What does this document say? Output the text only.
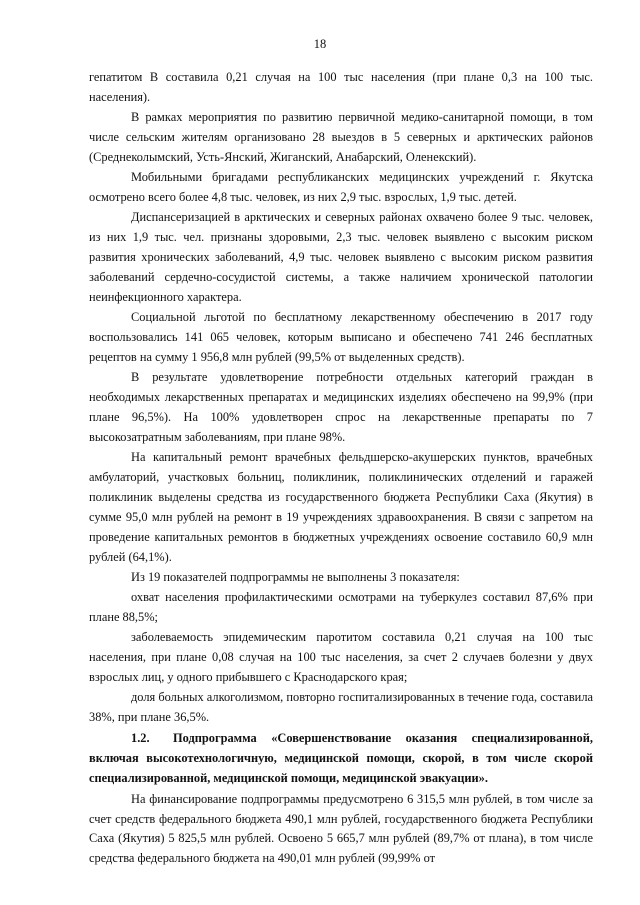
18

гепатитом В составила 0,21 случая на 100 тыс населения (при плане 0,3 на 100 тыс. населения).

В рамках мероприятия по развитию первичной медико-санитарной помощи, в том числе сельским жителям организовано 28 выездов в 5 северных и арктических районов (Среднеколымский, Усть-Янский, Жиганский, Анабарский, Оленекский).

Мобильными бригадами республиканских медицинских учреждений г. Якутска осмотрено всего более 4,8 тыс. человек, из них 2,9 тыс. взрослых, 1,9 тыс. детей.

Диспансеризацией в арктических и северных районах охвачено более 9 тыс. человек, из них 1,9 тыс. чел. признаны здоровыми, 2,3 тыс. человек выявлено с высоким риском развития хронических заболеваний, 4,9 тыс. человек выявлено с высоким риском развития заболеваний сердечно-сосудистой системы, а также наличием хронической патологии неинфекционного характера.

Социальной льготой по бесплатному лекарственному обеспечению в 2017 году воспользовались 141 065 человек, которым выписано и обеспечено 741 246 бесплатных рецептов на сумму 1 956,8 млн рублей (99,5% от выделенных средств).

В результате удовлетворение потребности отдельных категорий граждан в необходимых лекарственных препаратах и медицинских изделиях обеспечено на 99,9% (при плане 96,5%). На 100% удовлетворен спрос на лекарственные препараты по 7 высокозатратным заболеваниям, при плане 98%.

На капитальный ремонт врачебных фельдшерско-акушерских пунктов, врачебных амбулаторий, участковых больниц, поликлиник, поликлинических отделений и гаражей поликлиник выделены средства из государственного бюджета Республики Саха (Якутия) в сумме 95,0 млн рублей на ремонт в 19 учреждениях здравоохранения. В связи с запретом на проведение капитальных ремонтов в бюджетных учреждениях освоение составило 60,9 млн рублей (64,1%).

Из 19 показателей подпрограммы не выполнены 3 показателя:

охват населения профилактическими осмотрами на туберкулез составил 87,6% при плане 88,5%;

заболеваемость эпидемическим паротитом составила 0,21 случая на 100 тыс населения, при плане 0,08 случая на 100 тыс населения, за счет 2 случаев болезни у двух взрослых лиц, у одного прибывшего с Краснодарского края;

доля больных алкоголизмом, повторно госпитализированных в течение года, составила 38%, при плане 36,5%.

1.2. Подпрограмма «Совершенствование оказания специализированной, включая высокотехнологичную, медицинской помощи, скорой, в том числе скорой специализированной, медицинской помощи, медицинской эвакуации».

На финансирование подпрограммы предусмотрено 6 315,5 млн рублей, в том числе за счет средств федерального бюджета 490,1 млн рублей, государственного бюджета Республики Саха (Якутия) 5 825,5 млн рублей. Освоено 5 665,7 млн рублей (89,7% от плана), в том числе средства федерального бюджета на 490,01 млн рублей (99,99% от
